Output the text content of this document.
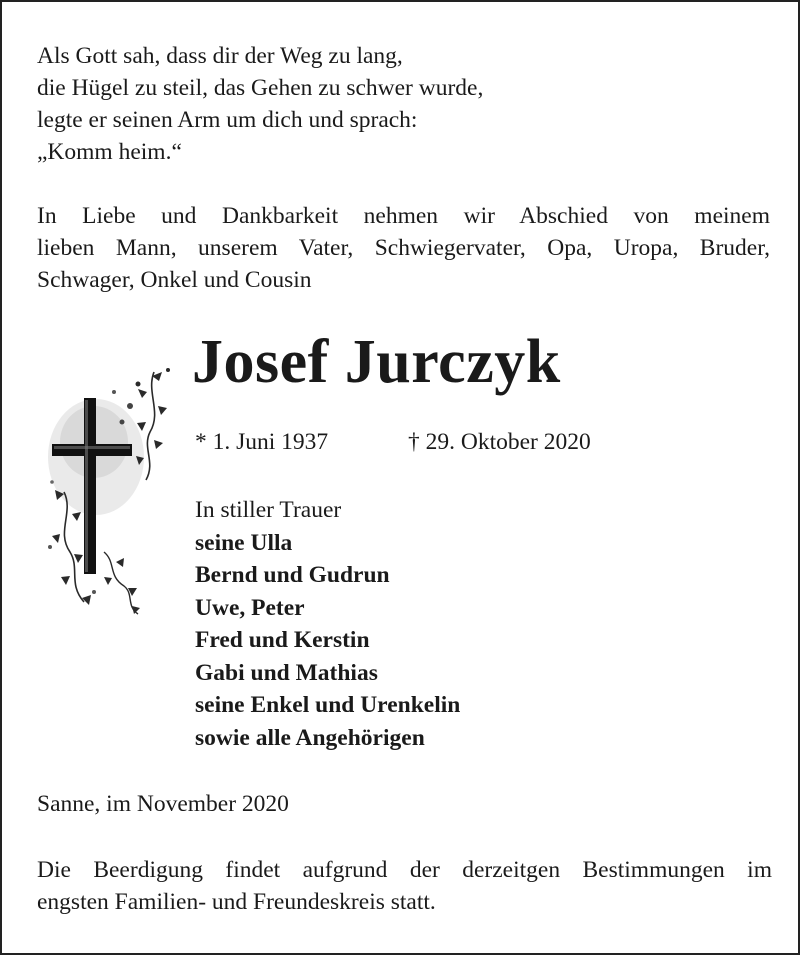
Als Gott sah, dass dir der Weg zu lang,
die Hügel zu steil, das Gehen zu schwer wurde,
legte er seinen Arm um dich und sprach:
„Komm heim.“
In Liebe und Dankbarkeit nehmen wir Abschied von meinem
lieben Mann, unserem Vater, Schwiegervater, Opa, Uropa, Bruder,
Schwager, Onkel und Cousin
Josef Jurczyk
* 1. Juni 1937	† 29. Oktober 2020
In stiller Trauer
seine Ulla
Bernd und Gudrun
Uwe, Peter
Fred und Kerstin
Gabi und Mathias
seine Enkel und Urenkelin
sowie alle Angehörigen
Sanne, im November 2020
Die Beerdigung findet aufgrund der derzeitgen Bestimmungen im
engsten Familien- und Freundeskreis statt.
